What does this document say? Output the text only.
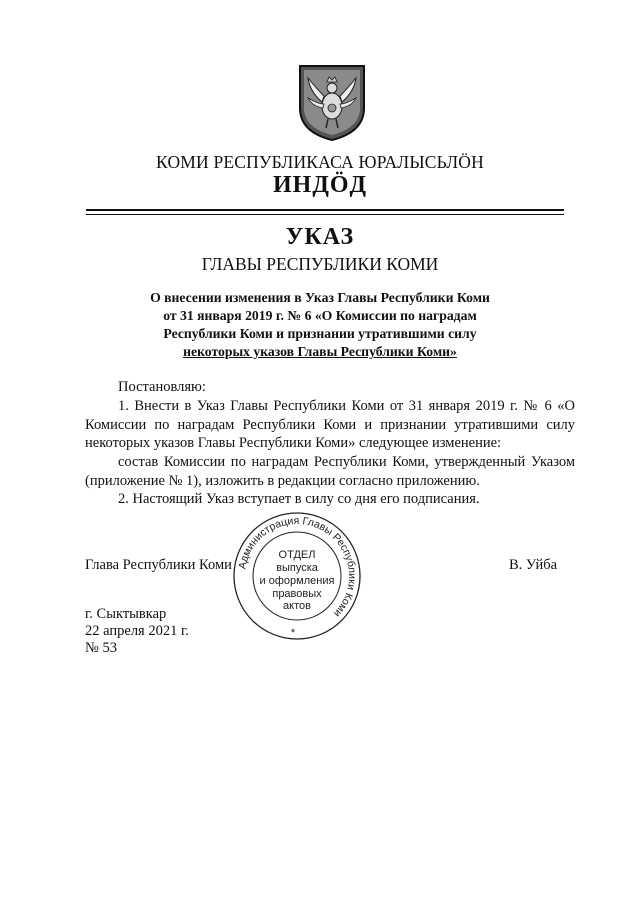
КОМИ РЕСПУБЛИКАСА ЮРАЛЫСЬЛÖН
ИНДÖД
УКАЗ
ГЛАВЫ РЕСПУБЛИКИ КОМИ
О внесении изменения в Указ Главы Республики Коми
от 31 января 2019 г. № 6 «О Комиссии по наградам
Республики Коми и признании утратившими силу
некоторых указов Главы Республики Коми»
Постановляю:
1. Внести в Указ Главы Республики Коми от 31 января 2019 г. № 6 «О Комиссии по наградам Республики Коми и признании утратившими силу некоторых указов Главы Республики Коми» следующее изменение:
состав Комиссии по наградам Республики Коми, утвержденный Указом (приложение № 1), изложить в редакции согласно приложению.
2. Настоящий Указ вступает в силу со дня его подписания.
Глава Республики Коми	В. Уйба
Администрация Главы Республики Коми
ОТДЕЛ
выпуска
и оформления
правовых
актов
*
г. Сыктывкар
22 апреля 2021 г.
№ 53
